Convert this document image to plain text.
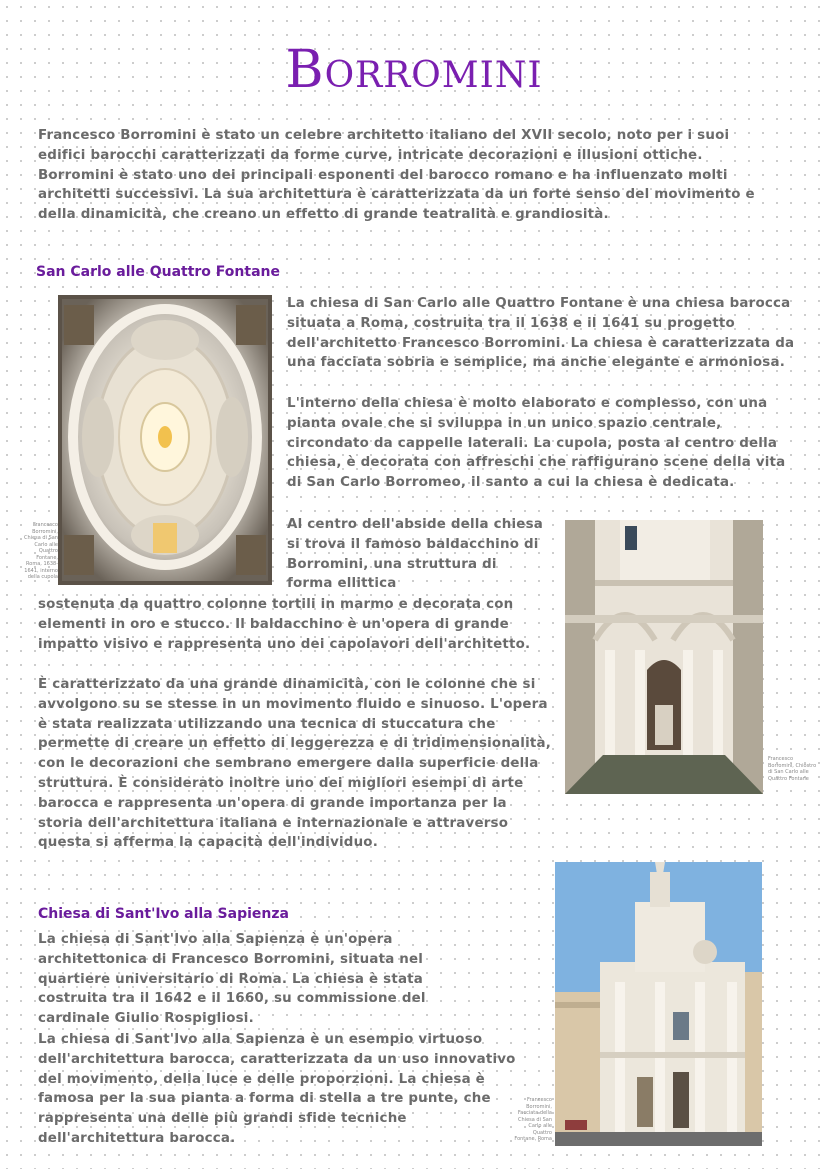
Borromini
Francesco Borromini è stato un celebre architetto italiano del XVII secolo, noto per i suoi edifici barocchi caratterizzati da forme curve, intricate decorazioni e illusioni ottiche. Borromini è stato uno dei principali esponenti del barocco romano e ha influenzato molti architetti successivi. La sua architettura è caratterizzata da un forte senso del movimento e della dinamicità, che creano un effetto di grande teatralità e grandiosità.
San Carlo alle Quattro Fontane
Francesco Borromini, Chiesa di San Carlo alle Quattro Fontane, Roma, 1638-1641, interno della cupola
La chiesa di San Carlo alle Quattro Fontane è una chiesa barocca situata a Roma, costruita tra il 1638 e il 1641 su progetto dell'architetto Francesco Borromini. La chiesa è caratterizzata da una facciata sobria e semplice, ma anche elegante e armoniosa.
L'interno della chiesa è molto elaborato e complesso, con una pianta ovale che si sviluppa in un unico spazio centrale, circondato da cappelle laterali. La cupola, posta al centro della chiesa, è decorata con affreschi che raffigurano scene della vita di San Carlo Borromeo, il santo a cui la chiesa è dedicata.
Al centro dell'abside della chiesa si trova il famoso baldacchino di Borromini, una struttura di forma ellittica
Francesco Borromini, Chiostro di San Carlo alle Quattro Fontane
sostenuta da quattro colonne tortili in marmo e decorata con elementi in oro e stucco. Il baldacchino è un'opera di grande impatto visivo e rappresenta uno dei capolavori dell'architetto.
È caratterizzato da una grande dinamicità, con le colonne che si avvolgono su se stesse in un movimento fluido e sinuoso. L'opera è stata realizzata utilizzando una tecnica di stuccatura che permette di creare un effetto di leggerezza e di tridimensionalità, con le decorazioni che sembrano emergere dalla superficie della struttura. È considerato inoltre uno dei migliori esempi di arte barocca e rappresenta un'opera di grande importanza per la storia dell'architettura italiana e internazionale e attraverso questa si afferma la capacità dell'individuo.
Chiesa di Sant'Ivo alla Sapienza
La chiesa di Sant'Ivo alla Sapienza è un'opera architettonica di Francesco Borromini, situata nel quartiere universitario di Roma. La chiesa è stata costruita tra il 1642 e il 1660, su commissione del cardinale Giulio Rospigliosi.
La chiesa di Sant'Ivo alla Sapienza è un esempio virtuoso dell'architettura barocca, caratterizzata da un uso innovativo del movimento, della luce e delle proporzioni. La chiesa è famosa per la sua pianta a forma di stella a tre punte, che rappresenta una delle più grandi sfide tecniche dell'architettura barocca.
Francesco Borromini, Facciata della Chiesa di San Carlo alle Quattro Fontane, Roma
